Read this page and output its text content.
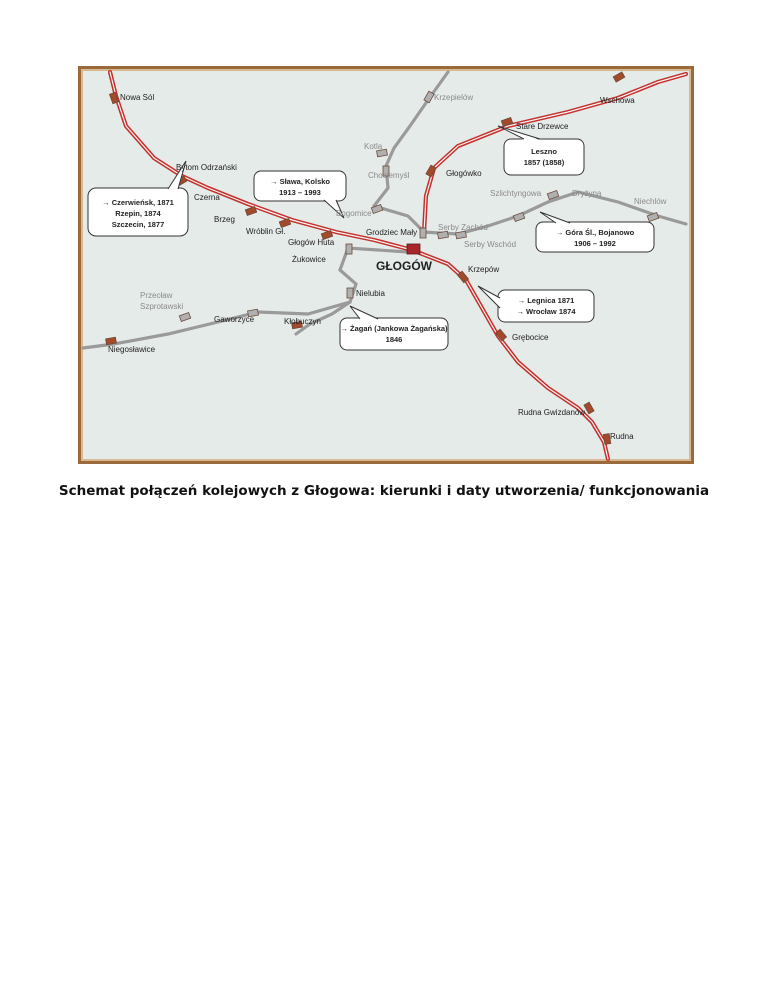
Leszno
1857 (1858)
→ Sława, Kolsko
1913 – 1993
→ Czerwieńsk, 1871
Rzepin, 1874
Szczecin, 1877
→ Góra Śl., Bojanowo
1906 – 1992
→ Legnica 1871
→ Wrocław 1874
→ Żagań (Jankowa Żagańska)
1846
Nowa Sól	Krzepielów	Wschowa
Stare Drzewce
Kotla
Bytom Odrzański
Chociemyśl	Głogówko
Czerna	Szlichtyngowa	Dryżyna
Niechlów
Bogomice
Brzeg
Wróblin Gł.	Grodziec Mały
Serby Zachód
Głogów Huta	Serby Wschód
Żukowice	GŁOGÓW	Krzepów
Nielubia
Przecław
Szprotawski
Gaworzyce	Kłobuczyn
Grębocice
Niegosławice
Rudna Gwizdanów
Rudna
Schemat połączeń kolejowych z Głogowa: kierunki i daty utworzenia/ funkcjonowania
